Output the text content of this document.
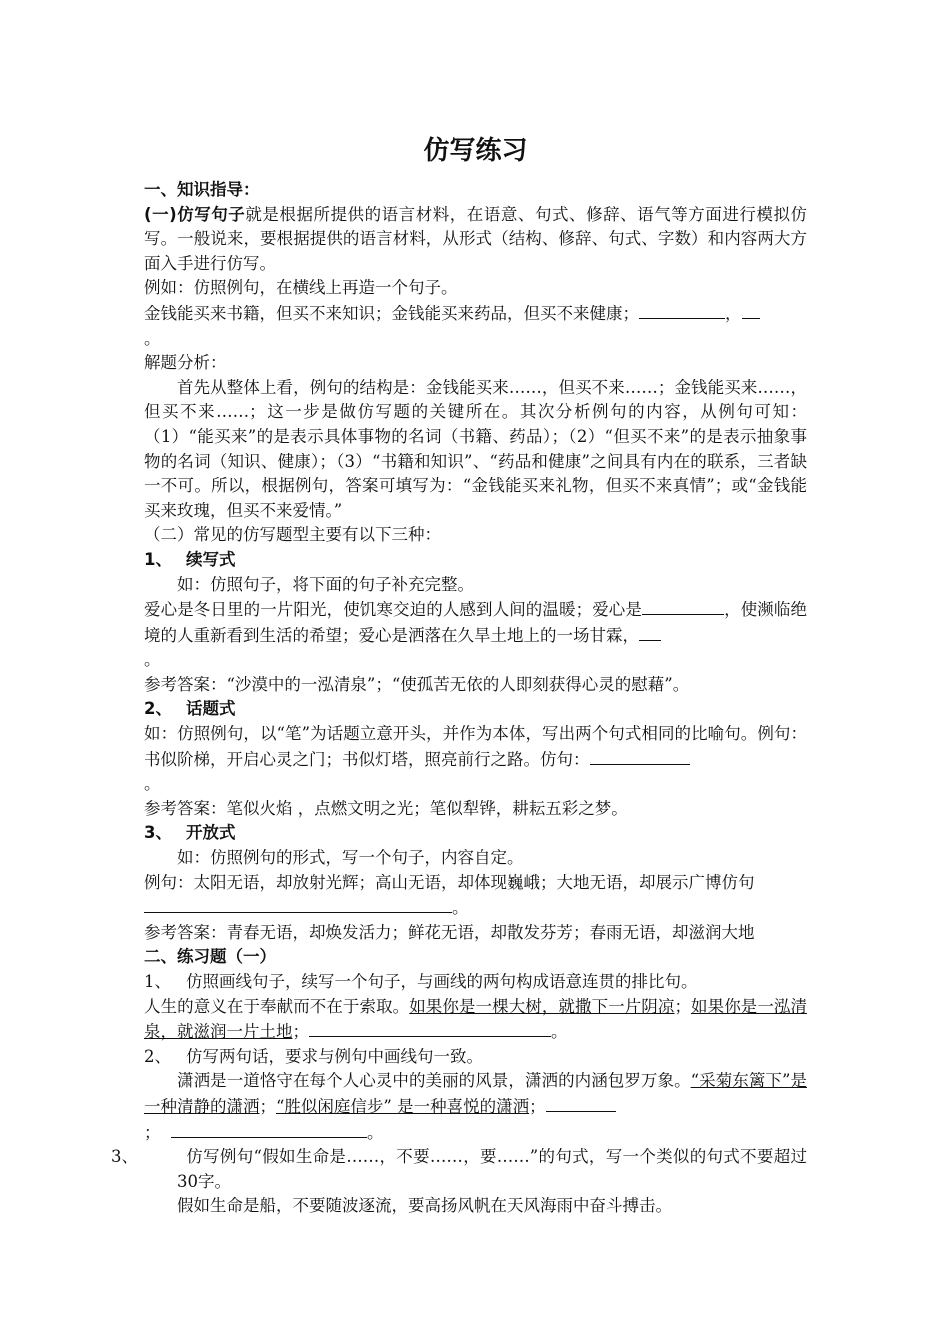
仿写练习

一、知识指导：

(一)仿写句子就是根据所提供的语言材料，在语意、句式、修辞、语气等方面进行模拟仿写。一般说来，要根据提供的语言材料，从形式（结构、修辞、句式、字数）和内容两大方面入手进行仿写。

例如：仿照例句，在横线上再造一个句子。

金钱能买来书籍，但买不来知识；金钱能买来药品，但买不来健康；	，
。

解题分析：

首先从整体上看，例句的结构是：金钱能买来……，但买不来……；金钱能买来……，但买不来……；这一步是做仿写题的关键所在。其次分析例句的内容，从例句可知：（1）“能买来”的是表示具体事物的名词（书籍、药品）；（2）“但买不来”的是表示抽象事物的名词（知识、健康）；（3）“书籍和知识”、“药品和健康”之间具有内在的联系，三者缺一不可。所以，根据例句，答案可填写为：“金钱能买来礼物，但买不来真情”；或“金钱能买来玫瑰，但买不来爱情。”

（二）常见的仿写题型主要有以下三种：

1、 续写式

如：仿照句子，将下面的句子补充完整。

爱心是冬日里的一片阳光，使饥寒交迫的人感到人间的温暖；爱心是	，使濒临绝境的人重新看到生活的希望；爱心是洒落在久旱土地上的一场甘霖，
。

参考答案：“沙漠中的一泓清泉”；“使孤苦无依的人即刻获得心灵的慰藉”。

2、 话题式

如：仿照例句，以“笔”为话题立意开头，并作为本体，写出两个句式相同的比喻句。例句：书似阶梯，开启心灵之门；书似灯塔，照亮前行之路。仿句：
。

参考答案：笔似火焰 ，点燃文明之光；笔似犁铧，耕耘五彩之梦。

3、 开放式

如：仿照例句的形式，写一个句子，内容自定。

例句：太阳无语，却放射光辉；高山无语，却体现巍峨；大地无语，却展示广博仿句
。

参考答案：青春无语，却焕发活力；鲜花无语，却散发芬芳；春雨无语，却滋润大地

二、练习题（一）

1、 仿照画线句子，续写一个句子，与画线的两句构成语意连贯的排比句。

人生的意义在于奉献而不在于索取。如果你是一棵大树，就撒下一片阴凉；如果你是一泓清泉，就滋润一片土地；	。

2、 仿写两句话，要求与例句中画线句一致。

潇洒是一道恪守在每个人心灵中的美丽的风景，潇洒的内涵包罗万象。“采菊东篱下”是一种清静的潇洒；“胜似闲庭信步” 是一种喜悦的潇洒；
；	。

3、	仿写例句“假如生命是……，不要……，要……”的句式，写一个类似的句式不要超过30字。

假如生命是船，不要随波逐流，要高扬风帆在天风海雨中奋斗搏击。
